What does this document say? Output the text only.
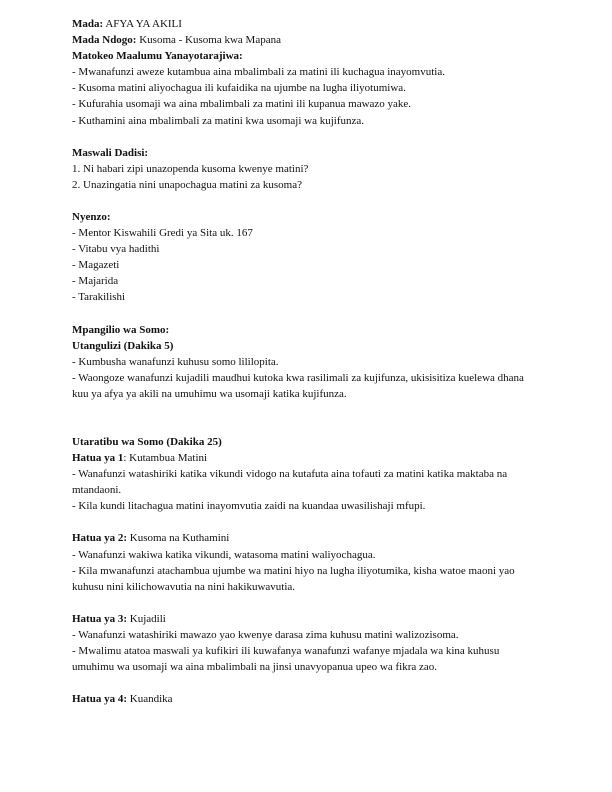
Mada: AFYA YA AKILI
Mada Ndogo: Kusoma - Kusoma kwa Mapana
Matokeo Maalumu Yanayotarajiwa:
- Mwanafunzi aweze kutambua aina mbalimbali za matini ili kuchagua inayomvutia.
- Kusoma matini aliyochagua ili kufaidika na ujumbe na lugha iliyotumiwa.
- Kufurahia usomaji wa aina mbalimbali za matini ili kupanua mawazo yake.
- Kuthamini aina mbalimbali za matini kwa usomaji wa kujifunza.
Maswali Dadisi:
1. Ni habari zipi unazopenda kusoma kwenye matini?
2. Unazingatia nini unapochagua matini za kusoma?
Nyenzo:
- Mentor Kiswahili Gredi ya Sita uk. 167
- Vitabu vya hadithi
- Magazeti
- Majarida
- Tarakilishi
Mpangilio wa Somo:
Utangulizi (Dakika 5)
- Kumbusha wanafunzi kuhusu somo lililopita.
- Waongoze wanafunzi kujadili maudhui kutoka kwa rasilimali za kujifunza, ukisisitiza kuelewa dhana kuu ya afya ya akili na umuhimu wa usomaji katika kujifunza.
Utaratibu wa Somo (Dakika 25)
Hatua ya 1: Kutambua Matini
- Wanafunzi watashiriki katika vikundi vidogo na kutafuta aina tofauti za matini katika maktaba na mtandaoni.
- Kila kundi litachagua matini inayomvutia zaidi na kuandaa uwasilishaji mfupi.
Hatua ya 2: Kusoma na Kuthamini
- Wanafunzi wakiwa katika vikundi, watasoma matini waliyochagua.
- Kila mwanafunzi atachambua ujumbe wa matini hiyo na lugha iliyotumika, kisha watoe maoni yao kuhusu nini kilichowavutia na nini hakikuwavutia.
Hatua ya 3: Kujadili
- Wanafunzi watashiriki mawazo yao kwenye darasa zima kuhusu matini walizozisoma.
- Mwalimu atatoa maswali ya kufikiri ili kuwafanya wanafunzi wafanye mjadala wa kina kuhusu umuhimu wa usomaji wa aina mbalimbali na jinsi unavyopanua upeo wa fikra zao.
Hatua ya 4: Kuandika
